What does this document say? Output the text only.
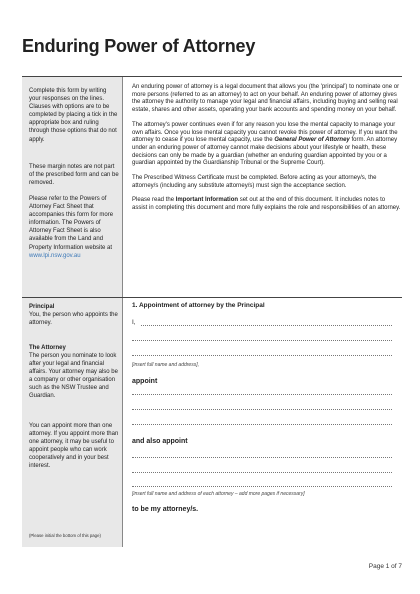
Enduring Power of Attorney
Complete this form by writing your responses on the lines. Clauses with options are to be completed by placing a tick in the appropriate box and ruling through those options that do not apply.
These margin notes are not part of the prescribed form and can be removed.
Please refer to the Powers of Attorney Fact Sheet that accompanies this form for more information. The Powers of Attorney Fact Sheet is also available from the Land and Property Information website at www.lpi.nsw.gov.au
Principal
You, the person who appoints the attorney.
The Attorney
The person you nominate to look after your legal and financial affairs. Your attorney may also be a company or other organisation such as the NSW Trustee and Guardian.
You can appoint more than one attorney. If you appoint more than one attorney, it may be useful to appoint people who can work cooperatively and in your best interest.
(Please initial the bottom of this page)

An enduring power of attorney is a legal document that allows you (the 'principal') to nominate one or more persons (referred to as an attorney) to act on your behalf. An enduring power of attorney gives the attorney the authority to manage your legal and financial affairs, including buying and selling real estate, shares and other assets, operating your bank accounts and spending money on your behalf.

The attorney's power continues even if for any reason you lose the mental capacity to manage your own affairs. Once you lose mental capacity you cannot revoke this power of attorney. If you want the attorney to cease if you lose mental capacity, use the General Power of Attorney form. An attorney under an enduring power of attorney cannot make decisions about your lifestyle or health, these decisions can only be made by a guardian (whether an enduring guardian appointed by you or a guardian appointed by the Guardianship Tribunal or the Supreme Court).

The Prescribed Witness Certificate must be completed. Before acting as your attorney/s, the attorney/s (including any substitute attorney/s) must sign the acceptance section.

Please read the Important Information set out at the end of this document. It includes notes to assist in completing this document and more fully explains the role and responsibilities of an attorney.

1. Appointment of attorney by the Principal
I,
[insert full name and address],
appoint
and also appoint
[insert full name and address of each attorney – add more pages if necessary]
to be my attorney/s.
Page 1 of 7
